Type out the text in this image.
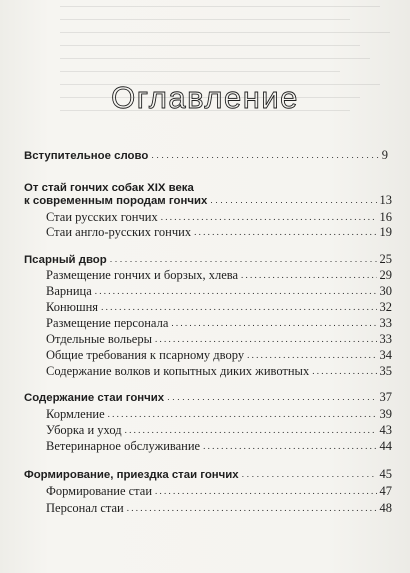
Оглавление
Вступительное слово . . .	9
От стай гончих собак XIX века
к современным породам гончих . . .	13
Стаи русских гончих . . .	16
Стаи англо-русских гончих . . .	19
Псарный двор . . .	25
Размещение гончих и борзых, хлева . . .	29
Варница . . .	30
Конюшня . . .	32
Размещение персонала . . .	33
Отдельные вольеры . . .	33
Общие требования к псарному двору . . .	34
Содержание волков и копытных диких животных . . .	35
Содержание стаи гончих . . .	37
Кормление . . .	39
Уборка и уход . . .	43
Ветеринарное обслуживание . . .	44
Формирование, приездка стаи гончих . . .	45
Формирование стаи . . .	47
Персонал стаи . . .	48
